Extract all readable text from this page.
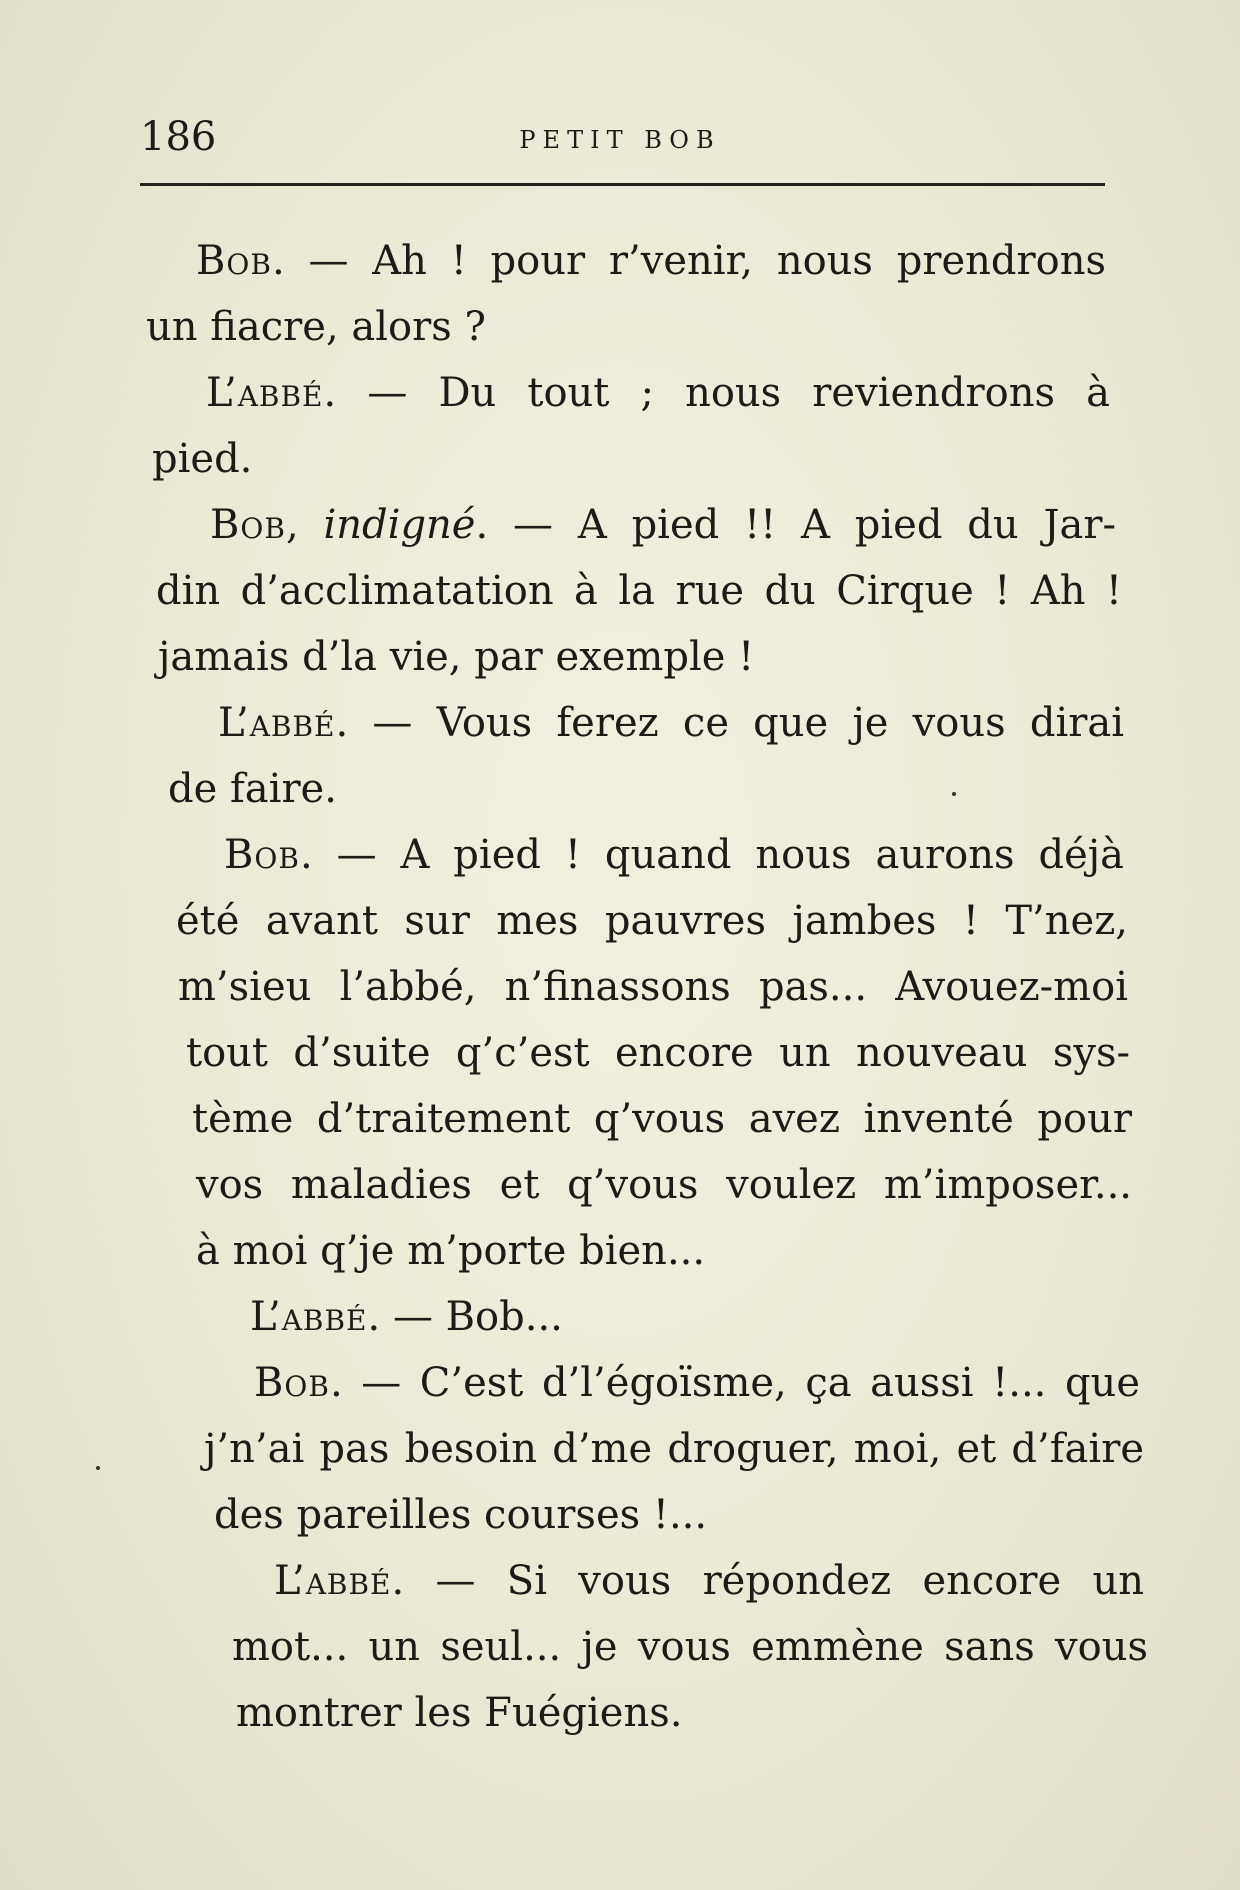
186	PETIT BOB
Bob. — Ah ! pour r’venir, nous prendrons
un fiacre, alors ?
L’abbé. — Du tout ; nous reviendrons à
pied.
Bob, indigné. — A pied !! A pied du Jar-
din d’acclimatation à la rue du Cirque ! Ah !
jamais d’la vie, par exemple !
L’abbé. — Vous ferez ce que je vous dirai
de faire.
Bob. — A pied ! quand nous aurons déjà
été avant sur mes pauvres jambes ! T’nez,
m’sieu l’abbé, n’finassons pas... Avouez-moi
tout d’suite q’c’est encore un nouveau sys-
tème d’traitement q’vous avez inventé pour
vos maladies et q’vous voulez m’imposer...
à moi q’je m’porte bien...
L’abbé. — Bob...
Bob. — C’est d’l’égoïsme, ça aussi !... que
j’n’ai pas besoin d’me droguer, moi, et d’faire
des pareilles courses !...
L’abbé. — Si vous répondez encore un
mot... un seul... je vous emmène sans vous
montrer les Fuégiens.
